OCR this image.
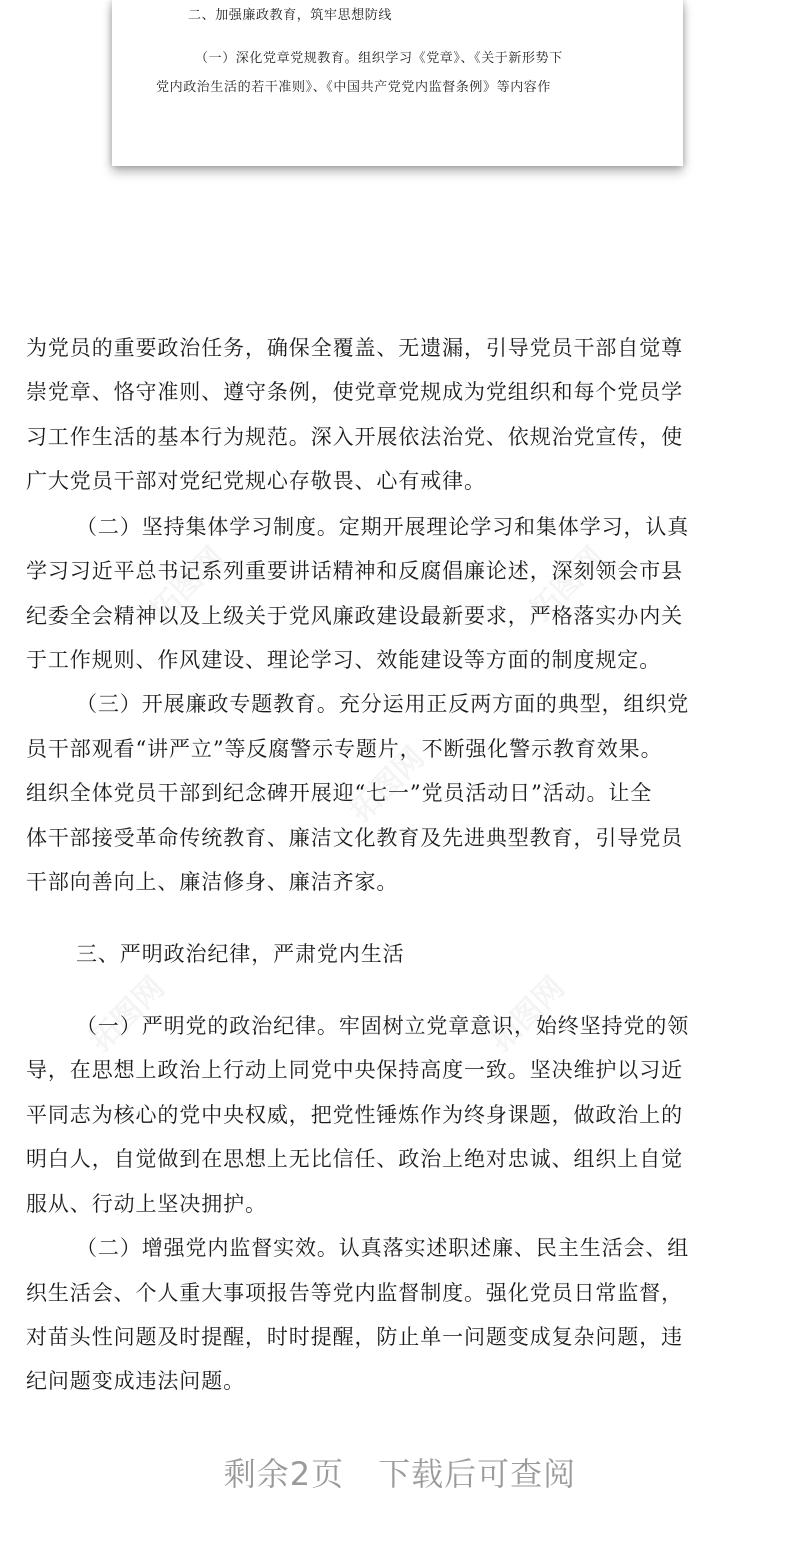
二、加强廉政教育，筑牢思想防线
（一）深化党章党规教育。组织学习《党章》、《关于新形势下
党内政治生活的若干准则》、《中国共产党党内监督条例》等内容作
拓图网	拓图网
拓图网
拓图网	拓图网
为党员的重要政治任务，确保全覆盖、无遗漏，引导党员干部自觉尊
崇党章、恪守准则、遵守条例，使党章党规成为党组织和每个党员学
习工作生活的基本行为规范。深入开展依法治党、依规治党宣传，使
广大党员干部对党纪党规心存敬畏、心有戒律。
（二）坚持集体学习制度。定期开展理论学习和集体学习，认真
学习习近平总书记系列重要讲话精神和反腐倡廉论述，深刻领会市县
纪委全会精神以及上级关于党风廉政建设最新要求，严格落实办内关
于工作规则、作风建设、理论学习、效能建设等方面的制度规定。
（三）开展廉政专题教育。充分运用正反两方面的典型，组织党
员干部观看“讲严立”等反腐警示专题片，不断强化警示教育效果。
组织全体党员干部到纪念碑开展迎“七一”党员活动日”活动。让全
体干部接受革命传统教育、廉洁文化教育及先进典型教育，引导党员
干部向善向上、廉洁修身、廉洁齐家。
三、严明政治纪律，严肃党内生活
（一）严明党的政治纪律。牢固树立党章意识，始终坚持党的领
导，在思想上政治上行动上同党中央保持高度一致。坚决维护以习近
平同志为核心的党中央权威，把党性锤炼作为终身课题，做政治上的
明白人，自觉做到在思想上无比信任、政治上绝对忠诚、组织上自觉
服从、行动上坚决拥护。
（二）增强党内监督实效。认真落实述职述廉、民主生活会、组
织生活会、个人重大事项报告等党内监督制度。强化党员日常监督，
对苗头性问题及时提醒，时时提醒，防止单一问题变成复杂问题，违
纪问题变成违法问题。
剩余2页 下载后可查阅
